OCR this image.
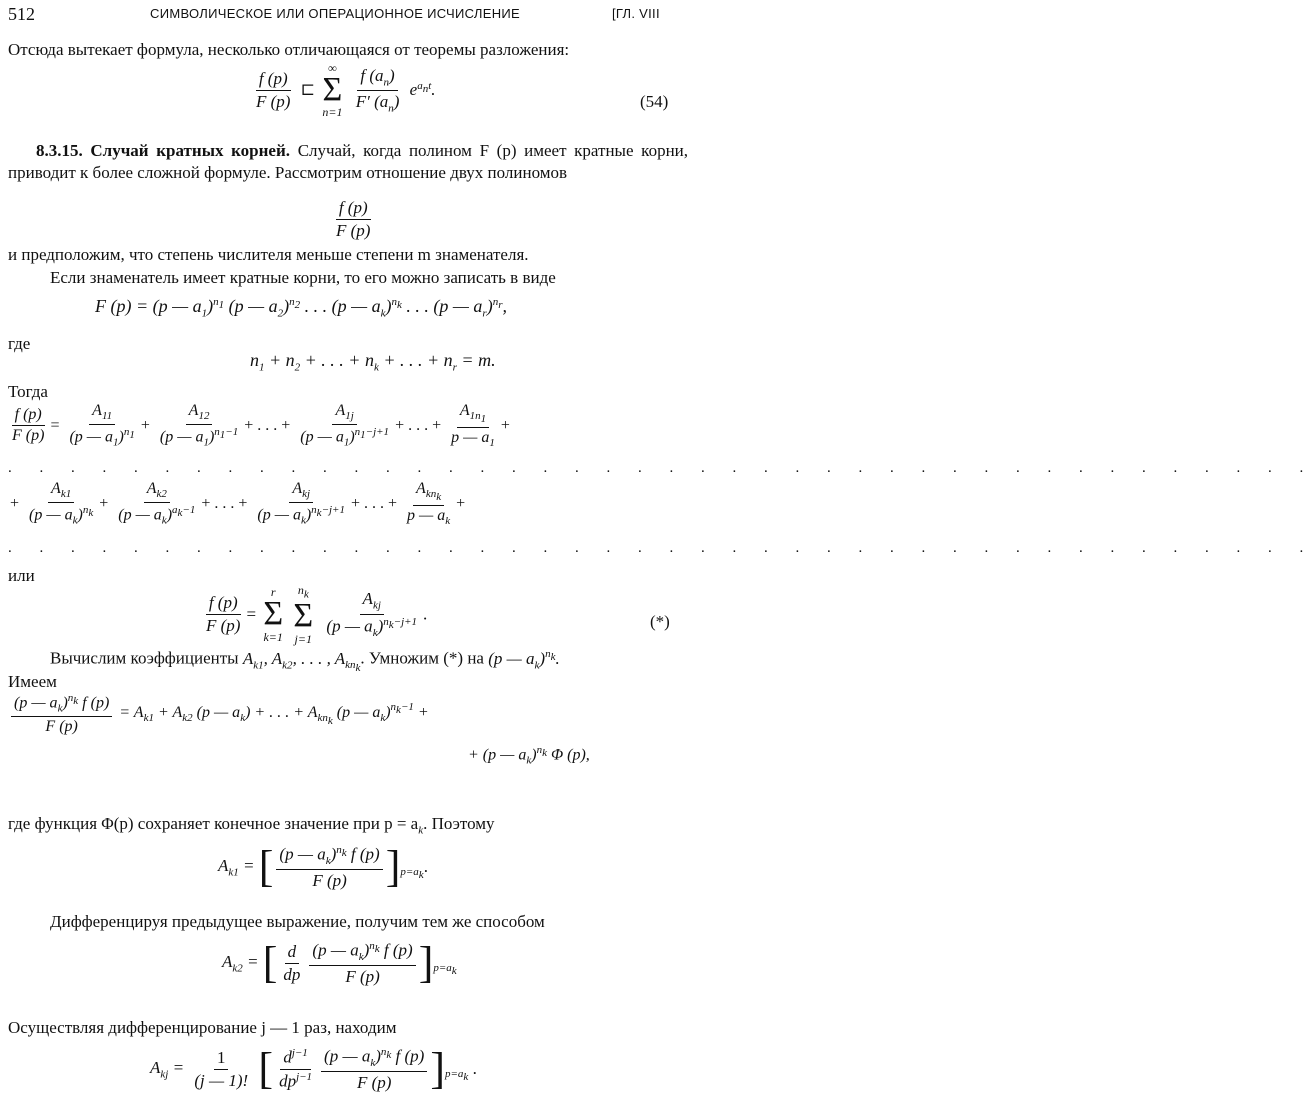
512	СИМВОЛИЧЕСКОЕ ИЛИ ОПЕРАЦИОННОЕ ИСЧИСЛЕНИЕ	[ГЛ. VIII
Отсюда вытекает формула, несколько отличающаяся от теоремы разложения:
$\frac{f (p)}{F (p)}$ ⊏
∞
Σ
n=1
$\frac{f (a_n)}{F' (a_n)} e^{a_nt}$.
(54)
8.3.15. Случай кратных корней. Случай, когда полином F (p) имеет кратные корни, приводит к более сложной формуле. Рассмотрим отношение двух полиномов
$\frac{f (p)}{F (p)}$
и предположим, что степень числителя меньше степени m знаменателя.
Если знаменатель имеет кратные корни, то его можно записать в виде
F (p) = (p — $a_1)^{n_1}$ (p — $a_2)^{n_2}$ . . . (p — $a_k)^{n_k}$ . . . (p — $a_r)^{n_r}$,
где
$n_1 + n_2$ + . . . + $n_k$ + . . . + $n_r = m$.
Тогда
$\frac{f (p)}{F (p)} = \frac{A_{11}}{(p — a_1)^{n_1}} + \frac{A_{12}}{(p — a_1)^{n_1-1}}$ + . . . + $\frac{A_{1j}}{(p — a_1)^{n_1-j+1}}$ + . . . + $\frac{A_{1n_1}}{p — a_1}$ +
. . . . . . . . . . . . . . . . . . . . . . . . . . . . . . . . . . . . . . . . . .
+ $\frac{A_{k1}}{(p — a_k)^{n_k}} + \frac{A_{k2}}{(p — a_k)^{a_k-1}}$ + . . . +
$A_{kj}$
(p — $a_k)^{n_k-j+1}$ + . . . +
$A_{kn_k}$
p — $a_k$
+
. . . . . . . . . . . . . . . . . . . . . . . . . . . . . . . . . . . . . . . . . .
или
$\frac{f (p)}{F (p)}$ =
r
Σ
k=1

$n_k$
Σ
j=1

$A_{kj}$
(p — $a_k)^{n_k-j+1}$ .	(*)
Вычислим коэффициенты $A_{k1}$, $A_{k2}$, . . . , $A_{kn_k}$. Умножим (*) на (p — $a_k)^{n_k}$.
Имеем
$\frac{(p — a_k)^{n_k} f (p)}{F (p)} = A_{k1} + A_{k2}$ (p — $a_k$) + . . . + $A_{kn_k}$ (p — $a_k)^{n_k-1}$ +
+ (p — $a_k)^{n_k}$ Φ (p),
где функция Φ(p) сохраняет конечное значение при $p = a_k$. Поэтому
$A_{k1}$ = [ $\frac{(p — a_k)^{n_k} f (p)}{F (p)} ]_{p=a_k}$.
Дифференцируя предыдущее выражение, получим тем же способом
$A_{k2}$ = [ $\frac{d}{dp} \frac{(p — a_k)^{n_k} f (p)}{F (p)} ]_{p=a_k}$
Осуществляя дифференцирование j — 1 раз, находим
$A_{kj} = \frac{1}{(j — 1)!}$ [ $d^{j-1}$
$dp^{j-1} \frac{(p — a_k)^{n_k} f (p)}{F (p)} ]_{p=a_k}$ .
